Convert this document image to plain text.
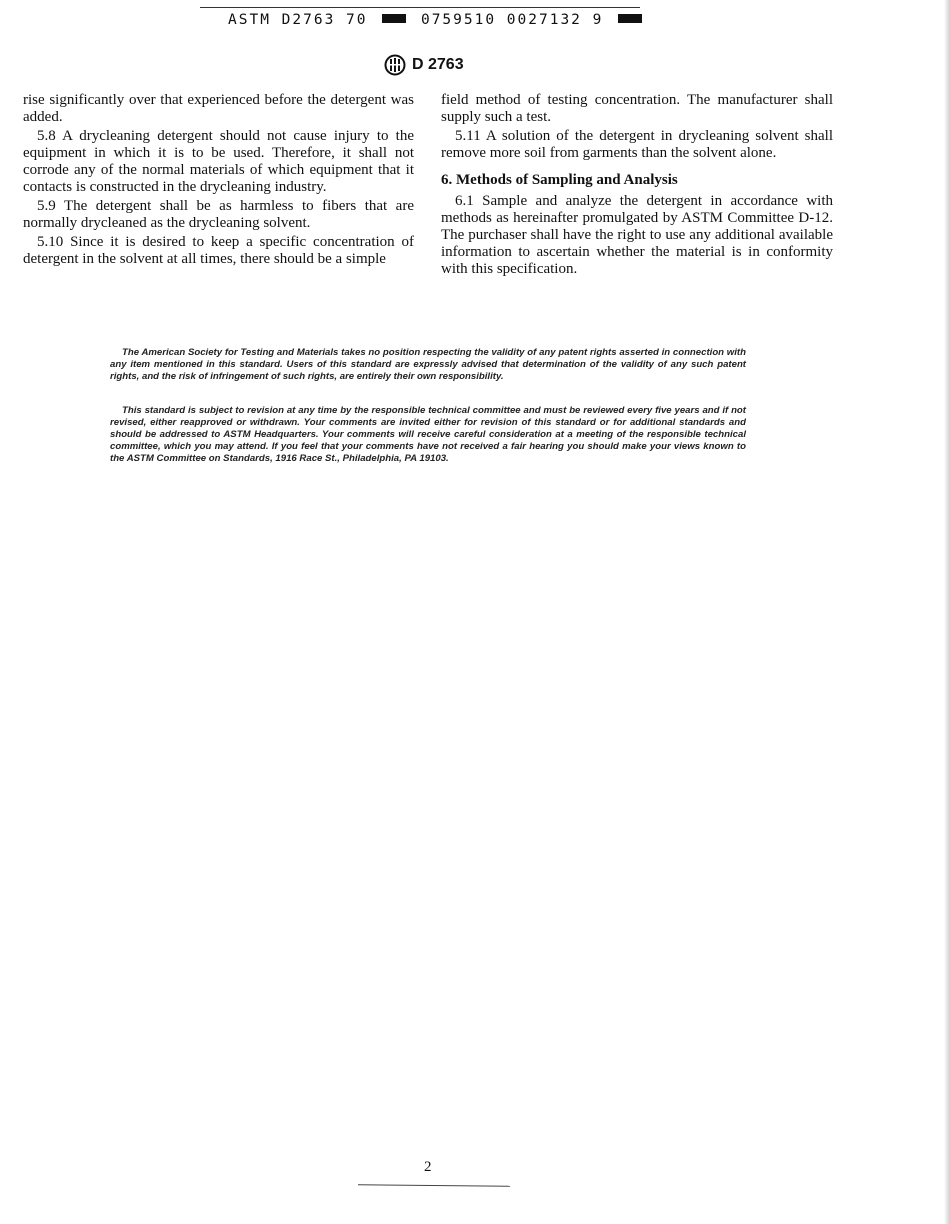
ASTM D2763 70	0759510 0027132 9
D 2763

rise significantly over that experienced before the detergent was added.

5.8 A drycleaning detergent should not cause injury to the equipment in which it is to be used. Therefore, it shall not corrode any of the normal materials of which equipment that it contacts is constructed in the drycleaning industry.

5.9 The detergent shall be as harmless to fibers that are normally drycleaned as the drycleaning solvent.

5.10 Since it is desired to keep a specific concentration of detergent in the solvent at all times, there should be a simple

field method of testing concentration. The manufacturer shall supply such a test.

5.11 A solution of the detergent in drycleaning solvent shall remove more soil from garments than the solvent alone.

6. Methods of Sampling and Analysis

6.1 Sample and analyze the detergent in accordance with methods as hereinafter promulgated by ASTM Committee D-12. The purchaser shall have the right to use any additional available information to ascertain whether the material is in conformity with this specification.

The American Society for Testing and Materials takes no position respecting the validity of any patent rights asserted in connection with any item mentioned in this standard. Users of this standard are expressly advised that determination of the validity of any such patent rights, and the risk of infringement of such rights, are entirely their own responsibility.

This standard is subject to revision at any time by the responsible technical committee and must be reviewed every five years and if not revised, either reapproved or withdrawn. Your comments are invited either for revision of this standard or for additional standards and should be addressed to ASTM Headquarters. Your comments will receive careful consideration at a meeting of the responsible technical committee, which you may attend. If you feel that your comments have not received a fair hearing you should make your views known to the ASTM Committee on Standards, 1916 Race St., Philadelphia, PA 19103.

2
